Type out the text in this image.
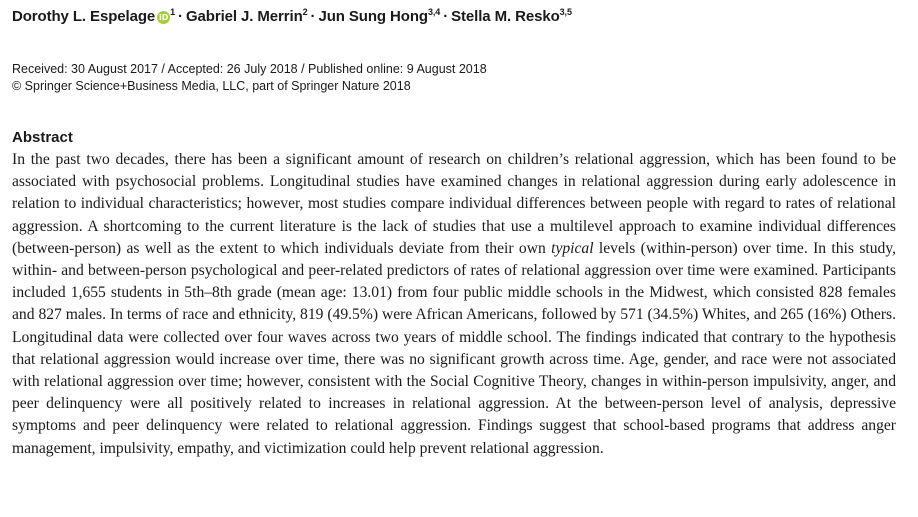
Dorothy L. Espelage $iD^1$ · Gabriel J. Merrin$^2$ · Jun Sung Hong$^{3,4}$ · Stella M. Resko$^{3,5}$
Received: 30 August 2017 / Accepted: 26 July 2018 / Published online: 9 August 2018
© Springer Science+Business Media, LLC, part of Springer Nature 2018
Abstract

In the past two decades, there has been a significant amount of research on children’s relational aggression, which has been found to be associated with psychosocial problems. Longitudinal studies have examined changes in relational aggression during early adolescence in relation to individual characteristics; however, most studies compare individual differences between people with regard to rates of relational aggression. A shortcoming to the current literature is the lack of studies that use a multilevel approach to examine individual differences (between-person) as well as the extent to which individuals deviate from their own typical levels (within-person) over time. In this study, within- and between-person psychological and peer-related predictors of rates of relational aggression over time were examined. Participants included 1,655 students in 5th–8th grade (mean age: 13.01) from four public middle schools in the Midwest, which consisted 828 females and 827 males. In terms of race and ethnicity, 819 (49.5%) were African Americans, followed by 571 (34.5%) Whites, and 265 (16%) Others. Longitudinal data were collected over four waves across two years of middle school. The findings indicated that contrary to the hypothesis that relational aggression would increase over time, there was no significant growth across time. Age, gender, and race were not associated with relational aggression over time; however, consistent with the Social Cognitive Theory, changes in within-person impulsivity, anger, and peer delinquency were all positively related to increases in relational aggression. At the between-person level of analysis, depressive symptoms and peer delinquency were related to relational aggression. Findings suggest that school-based programs that address anger management, impulsivity, empathy, and victimization could help prevent relational aggression.
